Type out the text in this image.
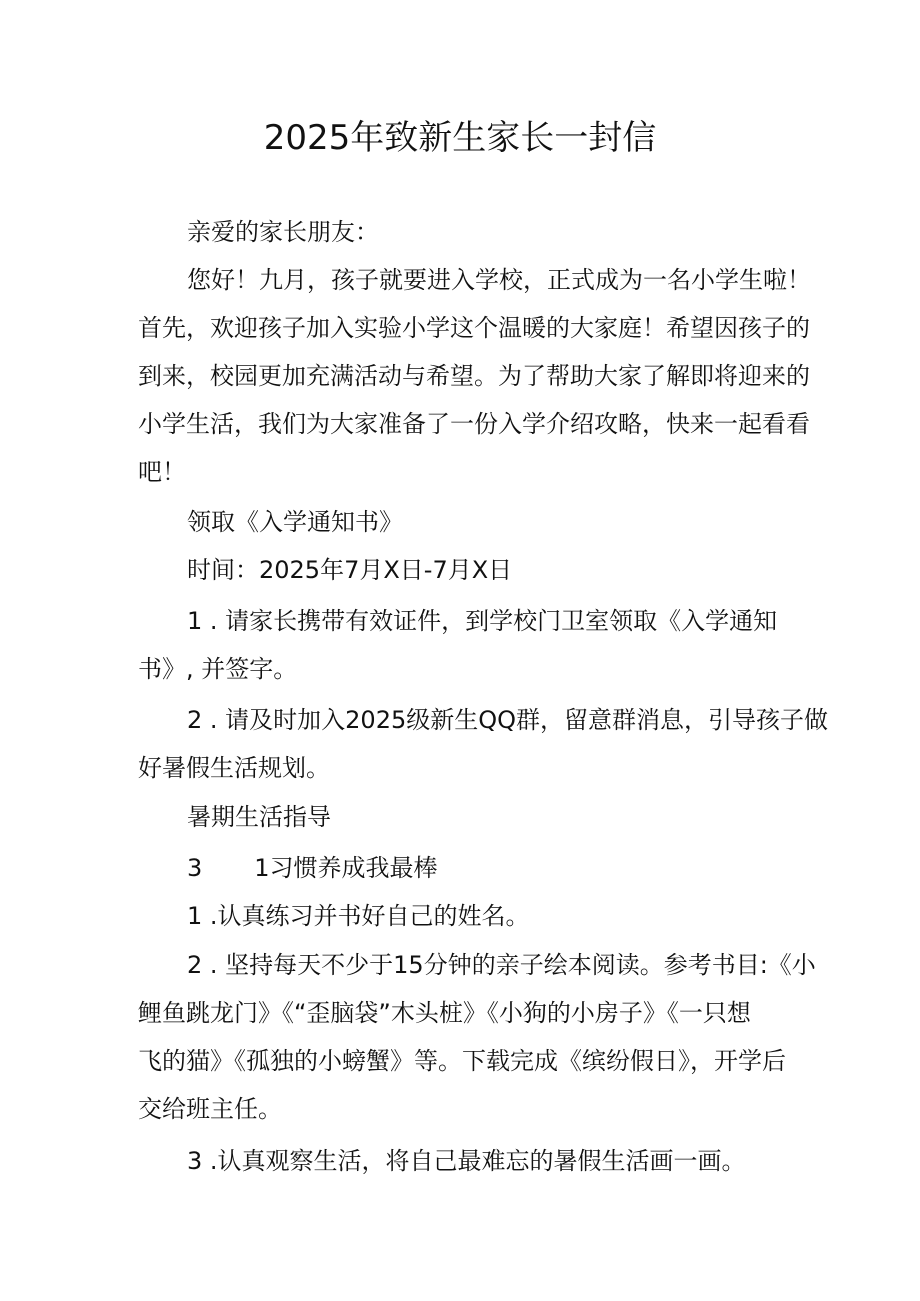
2025年致新生家长一封信
亲爱的家长朋友：
您好！九月，孩子就要进入学校，正式成为一名小学生啦！
首先，欢迎孩子加入实验小学这个温暖的大家庭！希望因孩子的
到来，校园更加充满活动与希望。为了帮助大家了解即将迎来的
小学生活，我们为大家准备了一份入学介绍攻略，快来一起看看
吧！
领取《入学通知书》
时间：2025年7月X日-7月X日
1 . 请家长携带有效证件，到学校门卫室领取《入学通知
书》, 并签字。
2 . 请及时加入2025级新生QQ群，留意群消息，引导孩子做
好暑假生活规划。
暑期生活指导
3 1习惯养成我最棒
1 .认真练习并书好自己的姓名。
2 . 坚持每天不少于15分钟的亲子绘本阅读。参考书目:《小
鲤鱼跳龙门》《“歪脑袋”木头桩》《小狗的小房子》《一只想
飞的猫》《孤独的小螃蟹》等。下载完成《缤纷假日》，开学后
交给班主任。
3 .认真观察生活，将自己最难忘的暑假生活画一画。
